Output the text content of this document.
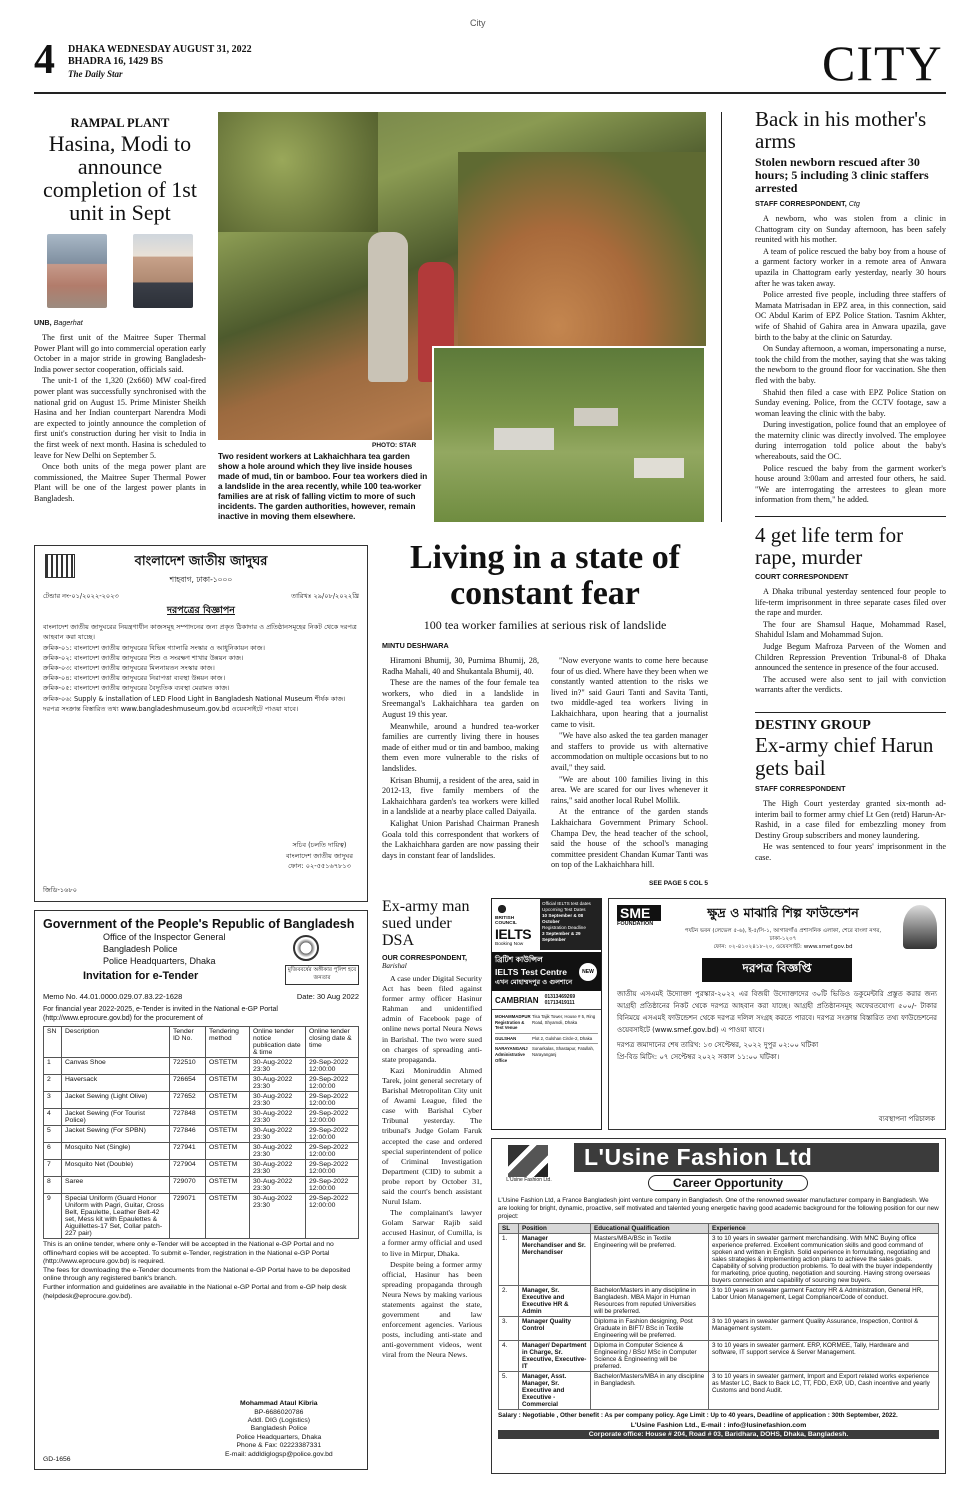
City
4 DHAKA WEDNESDAY AUGUST 31, 2022
BHADRA 16, 1429 BS
The Daily Star	CITY
RAMPAL PLANT
Hasina, Modi to announce completion of 1st unit in Sept
UNB, Bagerhat

The first unit of the Maitree Super Thermal Power Plant will go into commercial operation early October in a major stride in growing Bangladesh-India power sector cooperation, officials said.

The unit-1 of the 1,320 (2x660) MW coal-fired power plant was successfully synchronised with the national grid on August 15. Prime Minister Sheikh Hasina and her Indian counterpart Narendra Modi are expected to jointly announce the completion of first unit's construction during her visit to India in the first week of next month. Hasina is scheduled to leave for New Delhi on September 5.

Once both units of the mega power plant are commissioned, the Maitree Super Thermal Power Plant will be one of the largest power plants in Bangladesh.

PHOTO: STAR
Two resident workers at Lakhaichhara tea garden show a hole around which they live inside houses made of mud, tin or bamboo. Four tea workers died in a landslide in the area recently, while 100 tea-worker families are at risk of falling victim to more of such incidents. The garden authorities, however, remain inactive in moving them elsewhere.
Back in his mother's arms
Stolen newborn rescued after 30 hours; 5 including 3 clinic staffers arrested
STAFF CORRESPONDENT, Ctg

A newborn, who was stolen from a clinic in Chattogram city on Sunday afternoon, has been safely reunited with his mother.

A team of police rescued the baby boy from a house of a garment factory worker in a remote area of Anwara upazila in Chattogram early yesterday, nearly 30 hours after he was taken away.

Police arrested five people, including three staffers of Mamata Matrisadan in EPZ area, in this connection, said OC Abdul Karim of EPZ Police Station. Tasnim Akhter, wife of Shahid of Gahira area in Anwara upazila, gave birth to the baby at the clinic on Saturday.

On Sunday afternoon, a woman, impersonating a nurse, took the child from the mother, saying that she was taking the newborn to the ground floor for vaccination. She then fled with the baby.

Shahid then filed a case with EPZ Police Station on Sunday evening. Police, from the CCTV footage, saw a woman leaving the clinic with the baby.

During investigation, police found that an employee of the maternity clinic was directly involved. The employee during interrogation told police about the baby's whereabouts, said the OC.

Police rescued the baby from the garment worker's house around 3:00am and arrested four others, he said. "We are interrogating the arrestees to glean more information from them," he added.

4 get life term for rape, murder
COURT CORRESPONDENT

A Dhaka tribunal yesterday sentenced four people to life-term imprisonment in three separate cases filed over the rape and murder.

The four are Shamsul Haque, Mohammad Rasel, Shahidul Islam and Mohammad Sujon.

Judge Begum Mafroza Parveen of the Women and Children Repression Prevention Tribunal-8 of Dhaka announced the sentence in presence of the four accused.

The accused were also sent to jail with conviction warrants after the verdicts.

DESTINY GROUP
Ex-army chief Harun gets bail
STAFF CORRESPONDENT

The High Court yesterday granted six-month ad-interim bail to former army chief Lt Gen (retd) Harun-Ar-Rashid, in a case filed for embezzling money from Destiny Group subscribers and money laundering.

He was sentenced to four years' imprisonment in the case.

বাংলাদেশ জাতীয় জাদুঘর
শাহবাগ, ঢাকা-১০০০
টেন্ডার নং-০১/২০২২-২০২৩	তারিখঃ ২৯/০৮/২০২২খ্রি
দরপত্রের বিজ্ঞাপন
বাংলাদেশ জাতীয় জাদুঘরের নিয়ন্ত্রণাধীন কাজসমূহ সম্পাদনের জন্য প্রকৃত ঠিকাদার ও প্রতিষ্ঠানসমূহের নিকট থেকে দরপত্র আহবান করা যাচ্ছে।
ক্রমিক-০১: বাংলাদেশ জাতীয় জাদুঘরের বিভিন্ন গ্যালারি সংস্কার ও আধুনিকায়ন কাজ।
ক্রমিক-০২: বাংলাদেশ জাতীয় জাদুঘরের শিশু ও সংরক্ষণ শাখার উন্নয়ন কাজ।
ক্রমিক-০৩: বাংলাদেশ জাতীয় জাদুঘরের মিলনায়তন সংস্কার কাজ।
ক্রমিক-০৪: বাংলাদেশ জাতীয় জাদুঘরের নিরাপত্তা ব্যবস্থা উন্নয়ন কাজ।
ক্রমিক-০৫: বাংলাদেশ জাতীয় জাদুঘরের বৈদ্যুতিক ব্যবস্থা মেরামত কাজ।
ক্রমিক-০৬: Supply & installation of LED Flood Light in Bangladesh National Museum শীর্ষক কাজ।
দরপত্র সংক্রান্ত বিস্তারিত তথ্য www.bangladeshmuseum.gov.bd ওয়েবসাইটে পাওয়া যাবে।
সচিব (চলতি দায়িত্ব)
বাংলাদেশ জাতীয় জাদুঘর
ফোন: ০২-৫৫১৬৭৮১৩
জিডি-১৬৮০
Living in a state of constant fear
100 tea worker families at serious risk of landslide
MINTU DESHWARA

Hiramoni Bhumij, 30, Purnima Bhumij, 28, Radha Mahali, 40 and Shukantala Bhumij, 40.

These are the names of the four female tea workers, who died in a landslide in Sreemangal's Lakhaichhara tea garden on August 19 this year.

Meanwhile, around a hundred tea-worker families are currently living there in houses made of either mud or tin and bamboo, making them even more vulnerable to the risks of landslides.

Krisan Bhumij, a resident of the area, said in 2012-13, five family members of the Lakhaichhara garden's tea workers were killed in a landslide at a nearby place called Daiyaila.

Kalighat Union Parishad Chairman Pranesh Goala told this correspondent that workers of the Lakhaichhara garden are now passing their days in constant fear of landslides.

"Now everyone wants to come here because four of us died. Where have they been when we constantly wanted attention to the risks we lived in?" said Gauri Tanti and Savita Tanti, two middle-aged tea workers living in Lakhaichhara, upon hearing that a journalist came to visit.

"We have also asked the tea garden manager and staffers to provide us with alternative accommodation on multiple occasions but to no avail," they said.

"We are about 100 families living in this area. We are scared for our lives whenever it rains," said another local Rubel Mollik.

At the entrance of the garden stands Lakhaichara Government Primary School. Champa Dev, the head teacher of the school, said the house of the school's managing committee president Chandan Kumar Tanti was on top of the Lakhaichhara hill.

SEE PAGE 5 COL 5
Government of the People's Republic of Bangladesh
মুজিববর্ষের অঙ্গীকার পুলিশ হবে জনতার
Office of the Inspector General
Bangladesh Police
Police Headquarters, Dhaka
Invitation for e-Tender
Memo No. 44.01.0000.029.07.83.22-1628	Date: 30 Aug 2022
For financial year 2022-2025, e-Tender is invited in the National e-GP Portal (http://www.eprocure.gov.bd) for the procurement of
SN	Description	Tender ID No.	Tendering method	Online tender notice publication date & time	Online tender closing date & time
1	Canvas Shoe	722510	OSTETM	30-Aug-2022 23:30	29-Sep-2022 12:00:00
2	Haversack	726654	OSTETM	30-Aug-2022 23:30	29-Sep-2022 12:00:00
3	Jacket Sewing (Light Olive)	727652	OSTETM	30-Aug-2022 23:30	29-Sep-2022 12:00:00
4	Jacket Sewing (For Tourist Police)	727848	OSTETM	30-Aug-2022 23:30	29-Sep-2022 12:00:00
5	Jacket Sewing (For SPBN)	727846	OSTETM	30-Aug-2022 23:30	29-Sep-2022 12:00:00
6	Mosquito Net (Single)	727941	OSTETM	30-Aug-2022 23:30	29-Sep-2022 12:00:00
7	Mosquito Net (Double)	727904	OSTETM	30-Aug-2022 23:30	29-Sep-2022 12:00:00
8	Saree	729070	OSTETM	30-Aug-2022 23:30	29-Sep-2022 12:00:00
9	Special Uniform (Guard Honor Uniform with Pagri, Guitar, Cross Belt, Epaulette, Leather Belt-42 set, Mess kit with Epaulettes & Aiguillettes-17 Set, Collar patch-227 pair)	729071	OSTETM	30-Aug-2022 23:30	29-Sep-2022 12:00:00
This is an online tender, where only e-Tender will be accepted in the National e-GP Portal and no offline/hard copies will be accepted. To submit e-Tender, registration in the National e-GP Portal (http://www.eprocure.gov.bd) is required.
The fees for downloading the e-Tender documents from the National e-GP Portal have to be deposited online through any registered bank's branch.
Further information and guidelines are available in the National e-GP Portal and from e-GP help desk (helpdesk@eprocure.gov.bd).
Mohammad Ataul Kibria
BP-6686020786
Addl. DIG (Logistics)
Bangladesh Police
Police Headquarters, Dhaka
Phone & Fax: 02223387331
E-mail: addldiglogsp@police.gov.bd
GD-1656
Ex-army man sued under DSA
OUR CORRESPONDENT,
Barishal

A case under Digital Security Act has been filed against former army officer Hasinur Rahman and unidentified admin of Facebook page of online news portal Neura News in Barishal. The two were sued on charges of spreading anti-state propaganda.

Kazi Moniruddin Ahmed Tarek, joint general secretary of Barishal Metropolitan City unit of Awami League, filed the case with Barishal Cyber Tribunal yesterday. The tribunal's Judge Golam Faruk accepted the case and ordered special superintendent of police of Criminal Investigation Department (CID) to submit a probe report by October 31, said the court's bench assistant Nurul Islam.

The complainant's lawyer Golam Sarwar Rajib said accused Hasinur, of Cumilla, is a former army official and used to live in Mirpur, Dhaka.

Despite being a former army official, Hasinur has been spreading propaganda through Neura News by making various statements against the state, government and law enforcement agencies. Various posts, including anti-state and anti-government videos, went viral from the Neura News.

BRITISH COUNCIL
IELTS
Booking Now
Official IELTS test dates
Upcoming Test Dates
10 September & 08 October
Registration Deadline
3 September & 29 September
ব্রিটিশ কাউন্সিল
IELTS Test Centre
এখন মোহাম্মদপুর ও গুলশানে
NEW
CAMBRIAN 01313469269
01713419111
MOHAMMADPUR Registration & Test Venue
Tisa Tajik Tower, House # 5, Ring Road, Shyamoli, Dhaka
GULSHAN	Plot 2, Gulshan Circle-2, Dhaka
NARAYANGANJ Administrative Office
Sonarkalas, Shastapur, Fatullah, Narayanganj
SME
FOUNDATION
ক্ষুদ্র ও মাঝারি শিল্প ফাউন্ডেশন
পর্যটন ভবন (লেভেল ৫-৬), ই-৫/সি-১, আগারগাঁও প্রশাসনিক এলাকা, শেরে বাংলা নগর, ঢাকা-১২০৭
ফোন: ০২-৪১০২৪১৮-২০, ওয়েবসাইট: www.smef.gov.bd
দরপত্র বিজ্ঞপ্তি
জাতীয় এসএমই উদ্যোক্তা পুরস্কার-২০২২ এর বিজয়ী উদ্যোক্তাদের ৩০টি ভিডিও ডকুমেন্টারি প্রস্তুত করার জন্য আগ্রহী প্রতিষ্ঠানের নিকট থেকে দরপত্র আহবান করা যাচ্ছে। আগ্রহী প্রতিষ্ঠানসমূহ অফেরতযোগ্য ৫০০/- টাকার বিনিময়ে এসএমই ফাউন্ডেশন থেকে দরপত্র দলিল সংগ্রহ করতে পারবে। দরপত্র সংক্রান্ত বিস্তারিত তথ্য ফাউন্ডেশনের ওয়েবসাইটে (www.smef.gov.bd) এ পাওয়া যাবে।
দরপত্র জমাদানের শেষ তারিখ: ১৩ সেপ্টেম্বর, ২০২২ দুপুর ০২:০০ ঘটিকা
প্রি-বিড মিটিং: ০৭ সেপ্টেম্বর ২০২২ সকাল ১১:০০ ঘটিকা।
ব্যবস্থাপনা পরিচালক
L'Usine Fashion Ltd.
L'Usine Fashion Ltd
Career Opportunity
L'Usine Fashion Ltd, a France Bangladesh joint venture company in Bangladesh. One of the renowned sweater manufacturer company in Bangladesh. We are looking for bright, dynamic, proactive, self motivated and talented young energetic having good academic background for the following position for our new project:
SL	Position	Educational Qualification	Experience
1.	Manager Merchandiser and Sr. Merchandiser	Masters/MBA/BSc in Textile Engineering will be preferred.	3 to 10 years in sweater garment merchandising. With MNC Buying office experience preferred. Excellent communication skills and good command of spoken and written in English. Solid experience in formulating, negotiating and sales strategies & implementing action plans to achieve the sales goals. Capability of solving production problems. To deal with the buyer independently for marketing, price quoting, negotiation and sourcing. Having strong overseas buyers connection and capability of sourcing new buyers.
2.	Manager, Sr. Executive and Executive HR & Admin	Bachelor/Masters in any discipline in Bangladesh. MBA Major in Human Resources from reputed Universities will be preferred.	3 to 10 years in sweater garment Factory HR & Administration, General HR, Labor Union Management, Legal Compliance/Code of conduct.
3.	Manager Quality Control	Diploma in Fashion designing, Post Graduate in BIFT/ BSc in Textile Engineering will be preferred.	3 to 10 years in sweater garment Quality Assurance, Inspection, Control & Management system.
4.	Manager/ Department in Charge, Sr. Executive, Executive- IT	Diploma in Computer Science & Engineering / BSc/ MSc in Computer Science & Engineering will be preferred.	3 to 10 years in sweater garment. ERP, KORMEE, Tally, Hardware and software, IT support service & Server Management.
5.	Manager, Asst. Manager, Sr. Executive and Executive -Commercial	Bachelor/Masters/MBA in any discipline in Bangladesh.	3 to 10 years in sweater garment, Import and Export related works experience as Master LC, Back to Back LC, TT, FDD, EXP, UD, Cash incentive and yearly Customs and bond Audit.
Salary : Negotiable , Other benefit : As per company policy. Age Limit : Up to 40 years, Deadline of application : 30th September, 2022.
L'Usine Fashion Ltd., E-mail : info@lusinefashion.com
Corporate office: House # 204, Road # 03, Baridhara, DOHS, Dhaka, Bangladesh.
